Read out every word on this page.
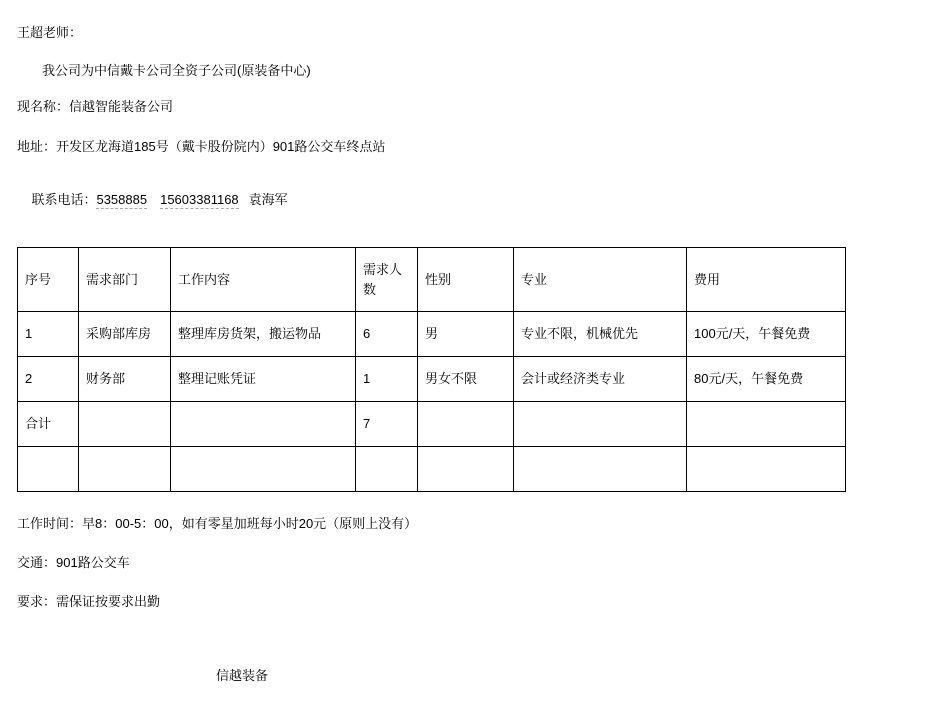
王超老师：
我公司为中信戴卡公司全资子公司(原装备中心)
现名称：信越智能装备公司
地址：开发区龙海道185号（戴卡股份院内）901路公交车终点站

联系电话：5358885 15603381168 袁海军

序号	需求部门	工作内容	需求人数	性别	专业	费用
1	采购部库房	整理库房货架，搬运物品	6	男	专业不限，机械优先	100元/天，午餐免费
2	财务部	整理记账凭证	1	男女不限	会计或经济类专业	80元/天，午餐免费
合计			7			

工作时间：早8：00-5：00，如有零星加班每小时20元（原则上没有）
交通：901路公交车
要求：需保证按要求出勤
信越装备
